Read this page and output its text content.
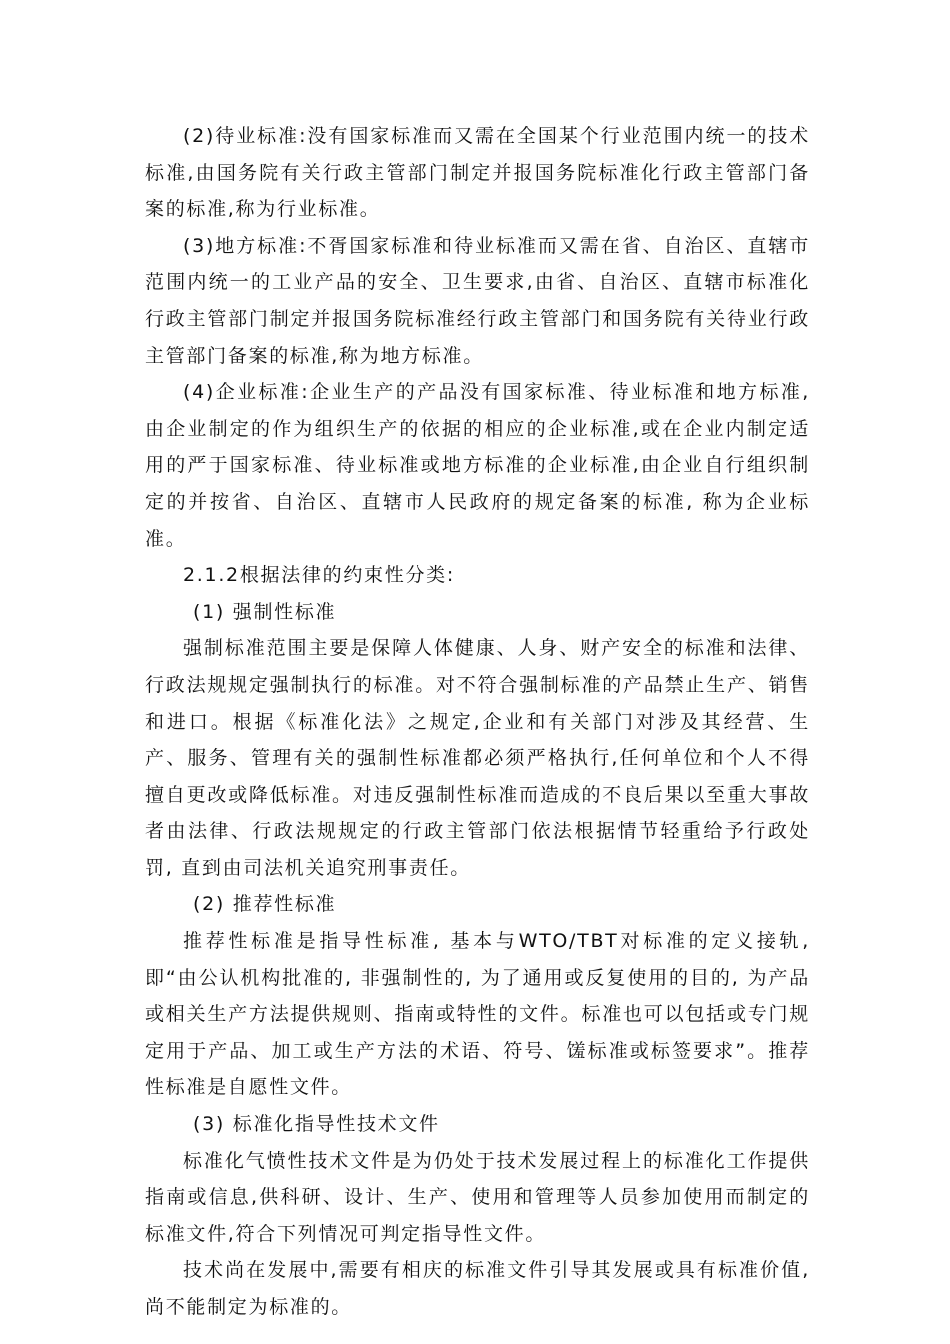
(2)待业标准:没有国家标准而又需在全国某个行业范围内统一的技术标准,由国务院有关行政主管部门制定并报国务院标准化行政主管部门备案的标准,称为行业标准。

(3)地方标准:不胥国家标准和待业标准而又需在省、自治区、直辖市范围内统一的工业产品的安全、卫生要求,由省、自治区、直辖市标准化行政主管部门制定并报国务院标准经行政主管部门和国务院有关待业行政主管部门备案的标准,称为地方标准。

(4)企业标准:企业生产的产品没有国家标准、待业标准和地方标准,由企业制定的作为组织生产的依据的相应的企业标准,或在企业内制定适用的严于国家标准、待业标准或地方标准的企业标准,由企业自行组织制定的并按省、自治区、直辖市人民政府的规定备案的标准, 称为企业标准。

2.1.2根据法律的约束性分类:

(1) 强制性标准

强制标准范围主要是保障人体健康、人身、财产安全的标准和法律、行政法规规定强制执行的标准。对不符合强制标准的产品禁止生产、销售和进口。根据《标准化法》之规定,企业和有关部门对涉及其经营、生产、服务、管理有关的强制性标准都必须严格执行,任何单位和个人不得擅自更改或降低标准。对违反强制性标准而造成的不良后果以至重大事故者由法律、行政法规规定的行政主管部门依法根据情节轻重给予行政处罚, 直到由司法机关追究刑事责任。

(2) 推荐性标准

推荐性标准是指导性标准, 基本与WTO/TBT对标准的定义接轨, 即“由公认机构批准的, 非强制性的, 为了通用或反复使用的目的, 为产品或相关生产方法提供规则、指南或特性的文件。标准也可以包括或专门规定用于产品、加工或生产方法的术语、符号、馐标准或标签要求”。推荐性标准是自愿性文件。

(3) 标准化指导性技术文件

标准化气愤性技术文件是为仍处于技术发展过程上的标准化工作提供指南或信息,供科研、设计、生产、使用和管理等人员参加使用而制定的标准文件,符合下列情况可判定指导性文件。

技术尚在发展中,需要有相庆的标准文件引导其发展或具有标准价值,尚不能制定为标准的。
